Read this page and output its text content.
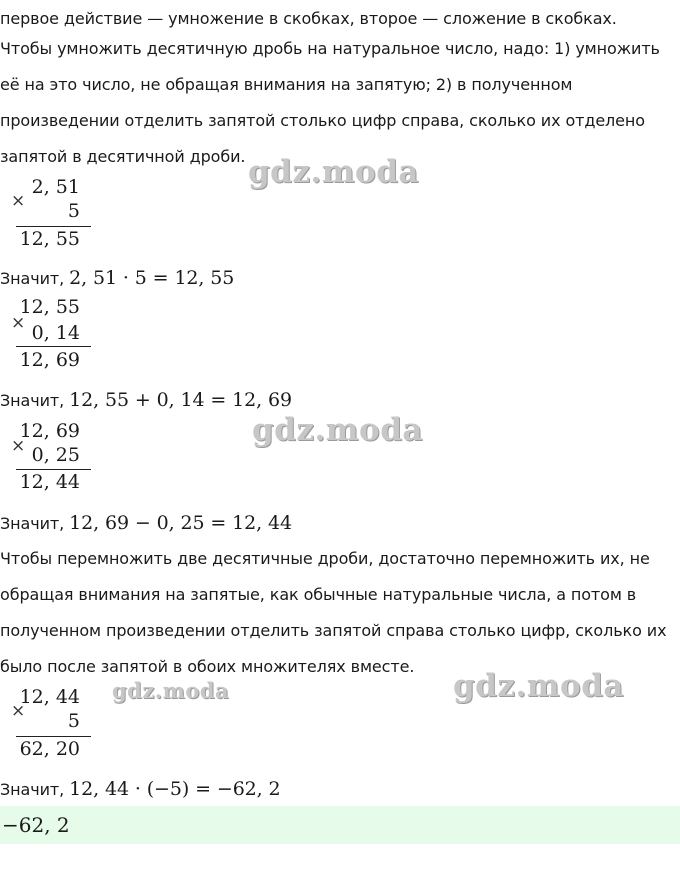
первое действие — умножение в скобках, второе — сложение в скобках.
Чтобы умножить десятичную дробь на натуральное число, надо: 1) умножить
её на это число, не обращая внимания на запятую; 2) в полученном
произведении отделить запятой столько цифр справа, сколько их отделено
запятой в десятичной дроби.
×
2, 51
5
12, 55
Значит, 2, 51 · 5 = 12, 55
×
12, 55
0, 14
12, 69
Значит, 12, 55 + 0, 14 = 12, 69
×
12, 69
0, 25
12, 44
Значит, 12, 69 − 0, 25 = 12, 44
Чтобы перемножить две десятичные дроби, достаточно перемножить их, не
обращая внимания на запятые, как обычные натуральные числа, а потом в
полученном произведении отделить запятой справа столько цифр, сколько их
было после запятой в обоих множителях вместе.
×
12, 44
5
62, 20
Значит, 12, 44 · (−5) = −62, 2
−62, 2
gdz.moda
gdz.moda
gdz.moda	gdz.moda
